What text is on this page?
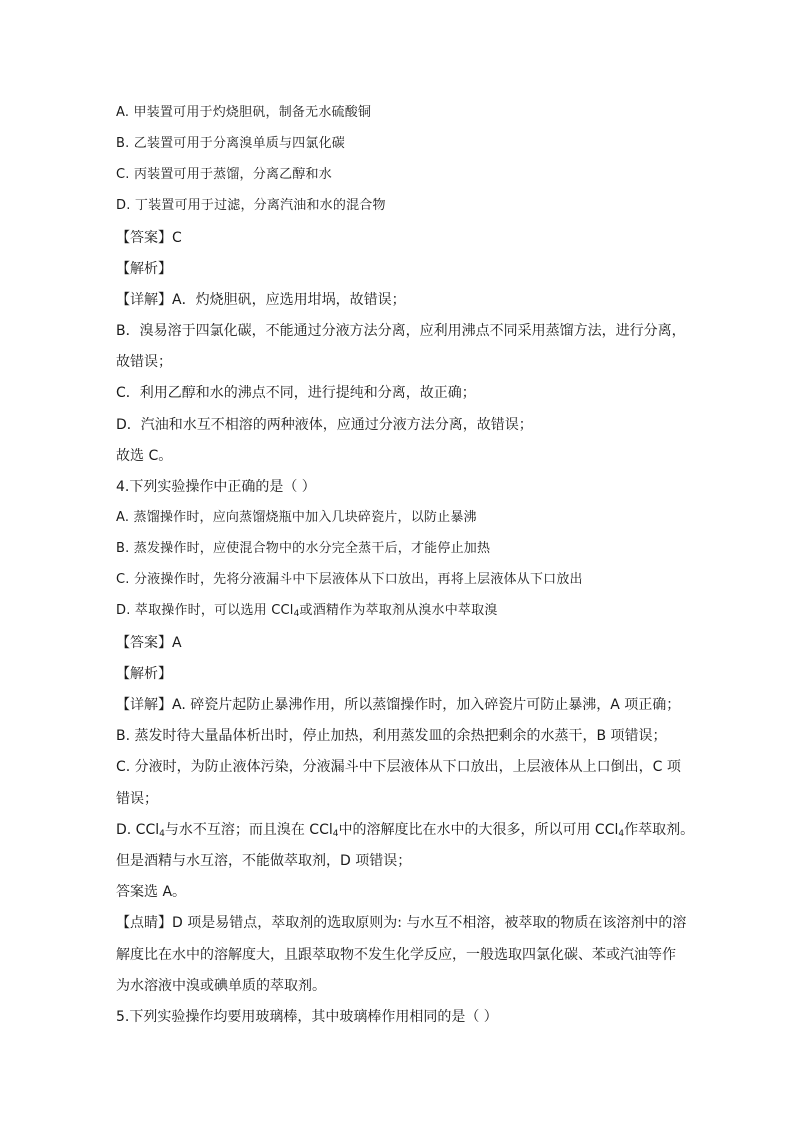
A. 甲装置可用于灼烧胆矾，制备无水硫酸铜
B. 乙装置可用于分离溴单质与四氯化碳
C. 丙装置可用于蒸馏，分离乙醇和水
D. 丁装置可用于过滤，分离汽油和水的混合物
【答案】C
【解析】
【详解】A．灼烧胆矾，应选用坩埚，故错误；
B．溴易溶于四氯化碳，不能通过分液方法分离，应利用沸点不同采用蒸馏方法，进行分离，
故错误；
C．利用乙醇和水的沸点不同，进行提纯和分离，故正确；
D．汽油和水互不相溶的两种液体，应通过分液方法分离，故错误；
故选 C。
4.下列实验操作中正确的是（ ）
A. 蒸馏操作时，应向蒸馏烧瓶中加入几块碎瓷片，以防止暴沸
B. 蒸发操作时，应使混合物中的水分完全蒸干后，才能停止加热
C. 分液操作时，先将分液漏斗中下层液体从下口放出，再将上层液体从下口放出
D. 萃取操作时，可以选用 CCl$_4$或酒精作为萃取剂从溴水中萃取溴
【答案】A
【解析】
【详解】A. 碎瓷片起防止暴沸作用，所以蒸馏操作时，加入碎瓷片可防止暴沸，A 项正确；
B. 蒸发时待大量晶体析出时，停止加热，利用蒸发皿的余热把剩余的水蒸干，B 项错误；
C. 分液时，为防止液体污染，分液漏斗中下层液体从下口放出，上层液体从上口倒出，C 项
错误；
D. CCl$_4$与水不互溶；而且溴在 CCl$_4$中的溶解度比在水中的大很多，所以可用 CCl$_4$作萃取剂。
但是酒精与水互溶，不能做萃取剂，D 项错误；
答案选 A。
【点睛】D 项是易错点，萃取剂的选取原则为: 与水互不相溶，被萃取的物质在该溶剂中的溶
解度比在水中的溶解度大，且跟萃取物不发生化学反应，一般选取四氯化碳、苯或汽油等作
为水溶液中溴或碘单质的萃取剂。
5.下列实验操作均要用玻璃棒，其中玻璃棒作用相同的是（ ）
